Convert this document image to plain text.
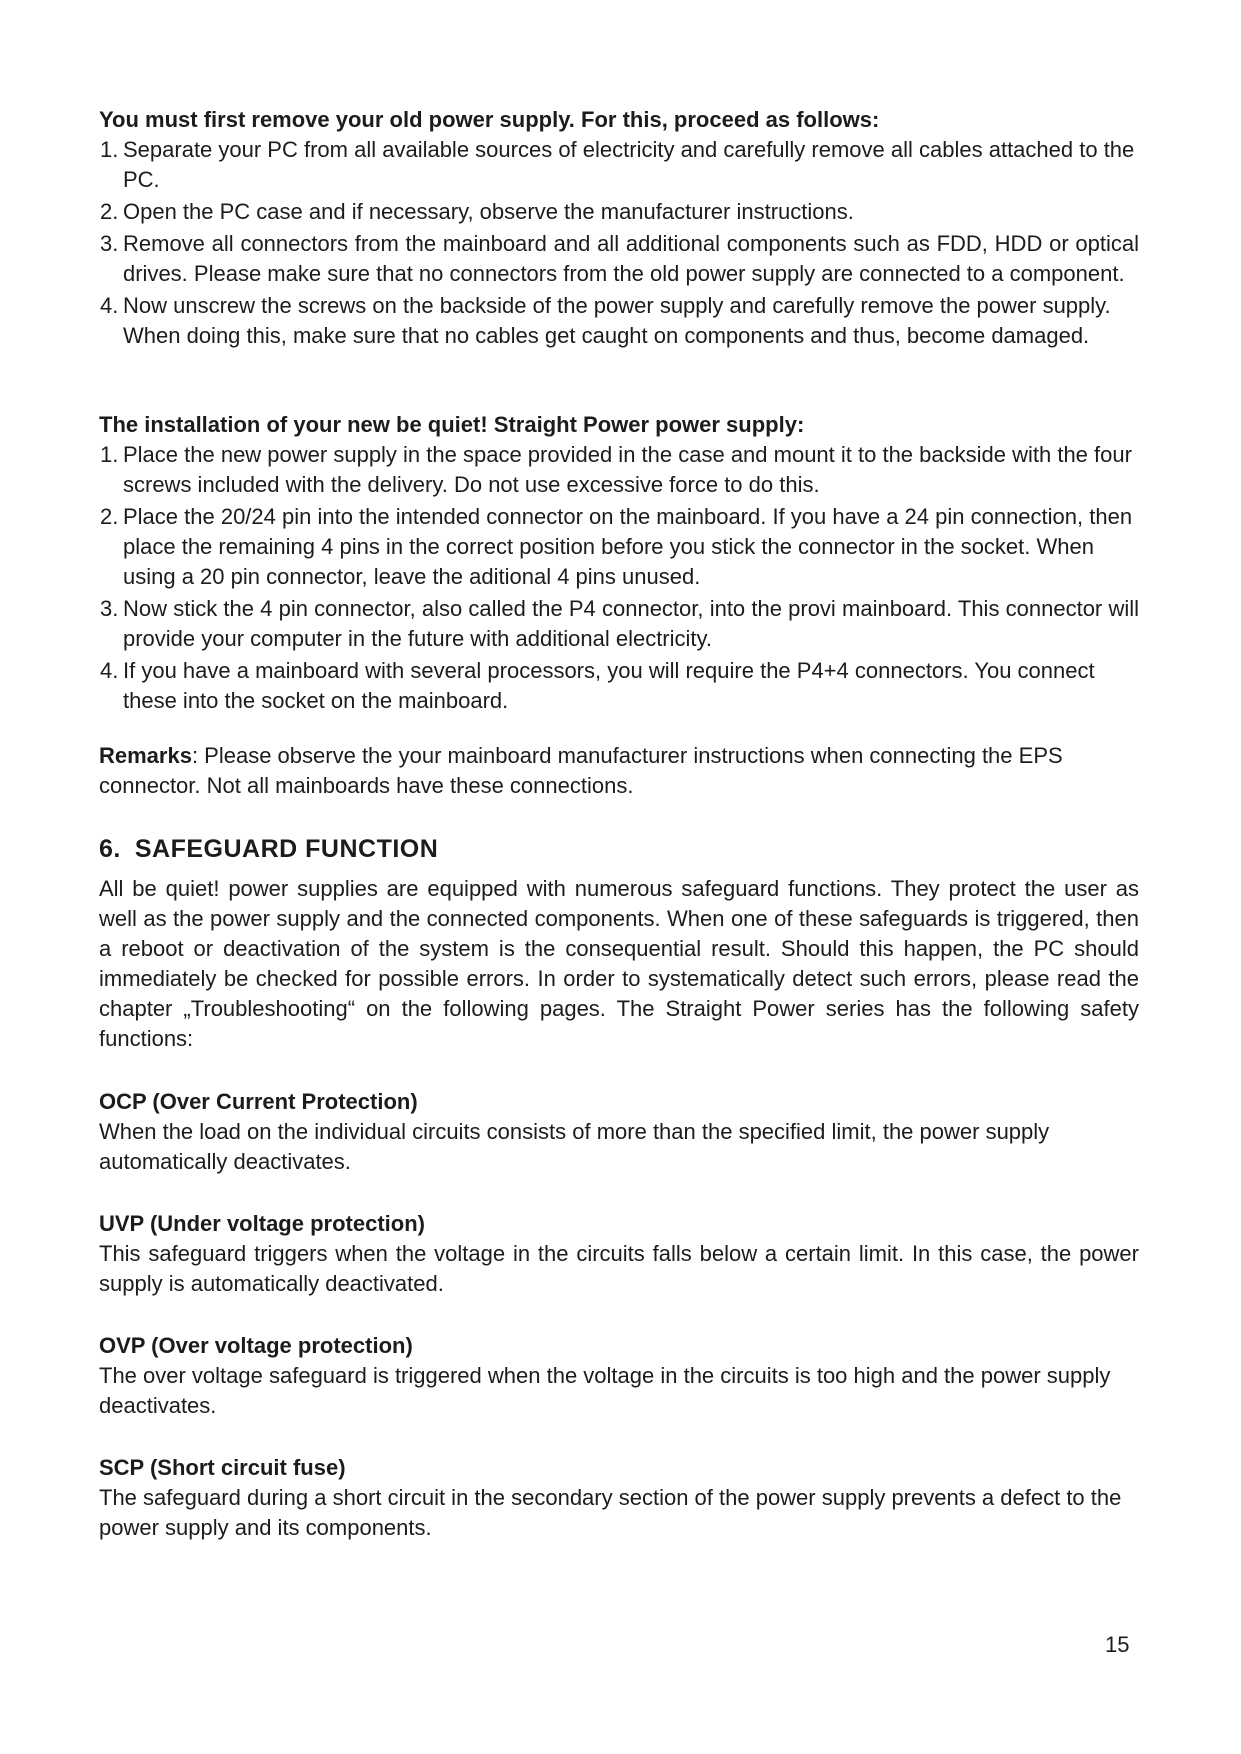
You must first remove your old power supply. For this, proceed as follows:
1. Separate your PC from all available sources of electricity and carefully remove all cables attached to the PC.
2. Open the PC case and if necessary, observe the manufacturer instructions.
3. Remove all connectors from the mainboard and all additional components such as FDD, HDD or optical drives. Please make sure that no connectors from the old power supply are connected to a component.
4. Now unscrew the screws on the backside of the power supply and carefully remove the power supply. When doing this, make sure that no cables get caught on components and thus, become damaged.
The installation of your new be quiet! Straight Power power supply:
1. Place the new power supply in the space provided in the case and mount it to the backside with the four screws included with the delivery. Do not use excessive force to do this.
2. Place the 20/24 pin into the intended connector on the mainboard. If you have a 24 pin connection, then place the remaining 4 pins in the correct position before you stick the connector in the socket. When using a 20 pin connector, leave the aditional 4 pins unused.
3. Now stick the 4 pin connector, also called the P4 connector, into the provi mainboard. This connector will provide your computer in the future with additional electricity.
4. If you have a mainboard with several processors, you will require the P4+4 connectors. You connect these into the socket on the mainboard.

Remarks: Please observe the your mainboard manufacturer instructions when connecting the EPS connector. Not all mainboards have these connections.

6. SAFEGUARD FUNCTION

All be quiet! power supplies are equipped with numerous safeguard functions. They protect the user as well as the power supply and the connected components. When one of these safeguards is triggered, then a reboot or deactivation of the system is the consequential result. Should this happen, the PC should immediately be checked for possible errors. In order to systematically detect such errors, please read the chapter „Troubleshooting“ on the following pages. The Straight Power series has the following safety functions:

OCP (Over Current Protection)

When the load on the individual circuits consists of more than the specified limit, the power supply automatically deactivates.

UVP (Under voltage protection)

This safeguard triggers when the voltage in the circuits falls below a certain limit. In this case, the power supply is automatically deactivated.

OVP (Over voltage protection)

The over voltage safeguard is triggered when the voltage in the circuits is too high and the power supply deactivates.

SCP (Short circuit fuse)

The safeguard during a short circuit in the secondary section of the power supply prevents a defect to the power supply and its components.

15
